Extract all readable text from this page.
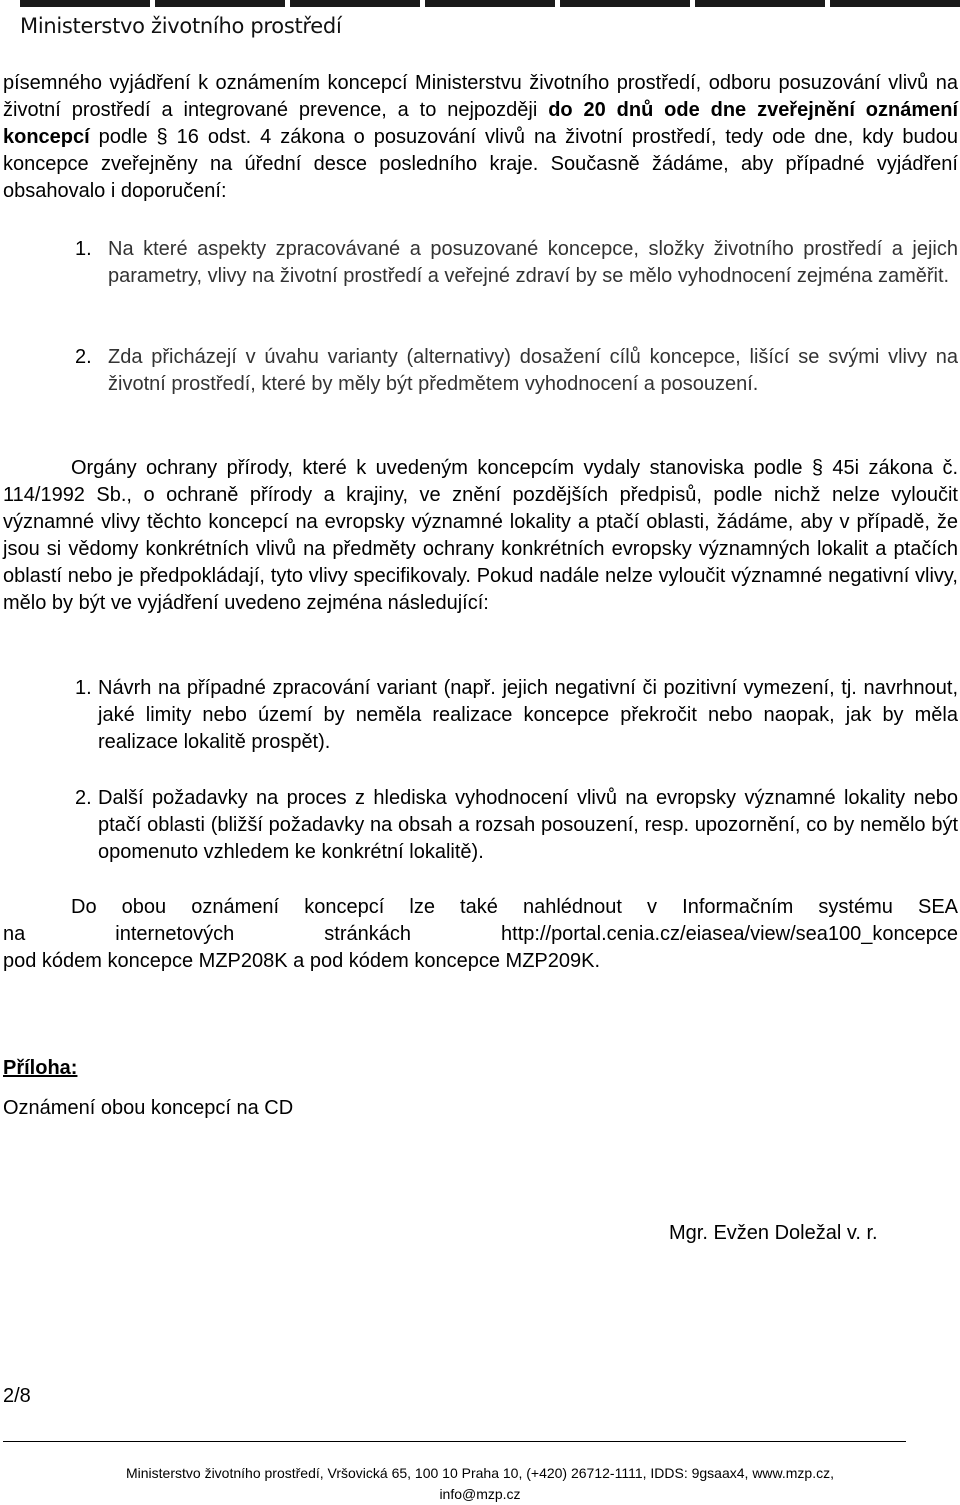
Ministerstvo životního prostředí

písemného vyjádření k oznámením koncepcí Ministerstvu životního prostředí, odboru posuzování vlivů na životní prostředí a integrované prevence, a to nejpozději do 20 dnů ode dne zveřejnění oznámení koncepcí podle § 16 odst. 4 zákona o posuzování vlivů na životní prostředí, tedy ode dne, kdy budou koncepce zveřejněny na úřední desce posledního kraje. Současně žádáme, aby případné vyjádření obsahovalo i doporučení:

1. Na které aspekty zpracovávané a posuzované koncepce, složky životního prostředí a jejich parametry, vlivy na životní prostředí a veřejné zdraví by se mělo vyhodnocení zejména zaměřit.

2. Zda přicházejí v úvahu varianty (alternativy) dosažení cílů koncepce, lišící se svými vlivy na životní prostředí, které by měly být předmětem vyhodnocení a posouzení.

Orgány ochrany přírody, které k uvedeným koncepcím vydaly stanoviska podle § 45i zákona č. 114/1992 Sb., o ochraně přírody a krajiny, ve znění pozdějších předpisů, podle nichž nelze vyloučit významné vlivy těchto koncepcí na evropsky významné lokality a ptačí oblasti, žádáme, aby v případě, že jsou si vědomy konkrétních vlivů na předměty ochrany konkrétních evropsky významných lokalit a ptačích oblastí nebo je předpokládají, tyto vlivy specifikovaly. Pokud nadále nelze vyloučit významné negativní vlivy, mělo by být ve vyjádření uvedeno zejména následující:

1. Návrh na případné zpracování variant (např. jejich negativní či pozitivní vymezení, tj. navrhnout, jaké limity nebo území by neměla realizace koncepce překročit nebo naopak, jak by měla realizace lokalitě prospět).

2. Další požadavky na proces z hlediska vyhodnocení vlivů na evropsky významné lokality nebo ptačí oblasti (bližší požadavky na obsah a rozsah posouzení, resp. upozornění, co by nemělo být opomenuto vzhledem ke konkrétní lokalitě).

Do obou oznámení koncepcí lze také nahlédnout v Informačním systému SEA
na internetových stránkách http://portal.cenia.cz/eiasea/view/sea100_koncepce
pod kódem koncepce MZP208K a pod kódem koncepce MZP209K.
Příloha:
Oznámení obou koncepcí na CD
Mgr. Evžen Doležal v. r.
2/8
Ministerstvo životního prostředí, Vršovická 65, 100 10 Praha 10, (+420) 26712-1111, IDDS: 9gsaax4, www.mzp.cz,
info@mzp.cz
